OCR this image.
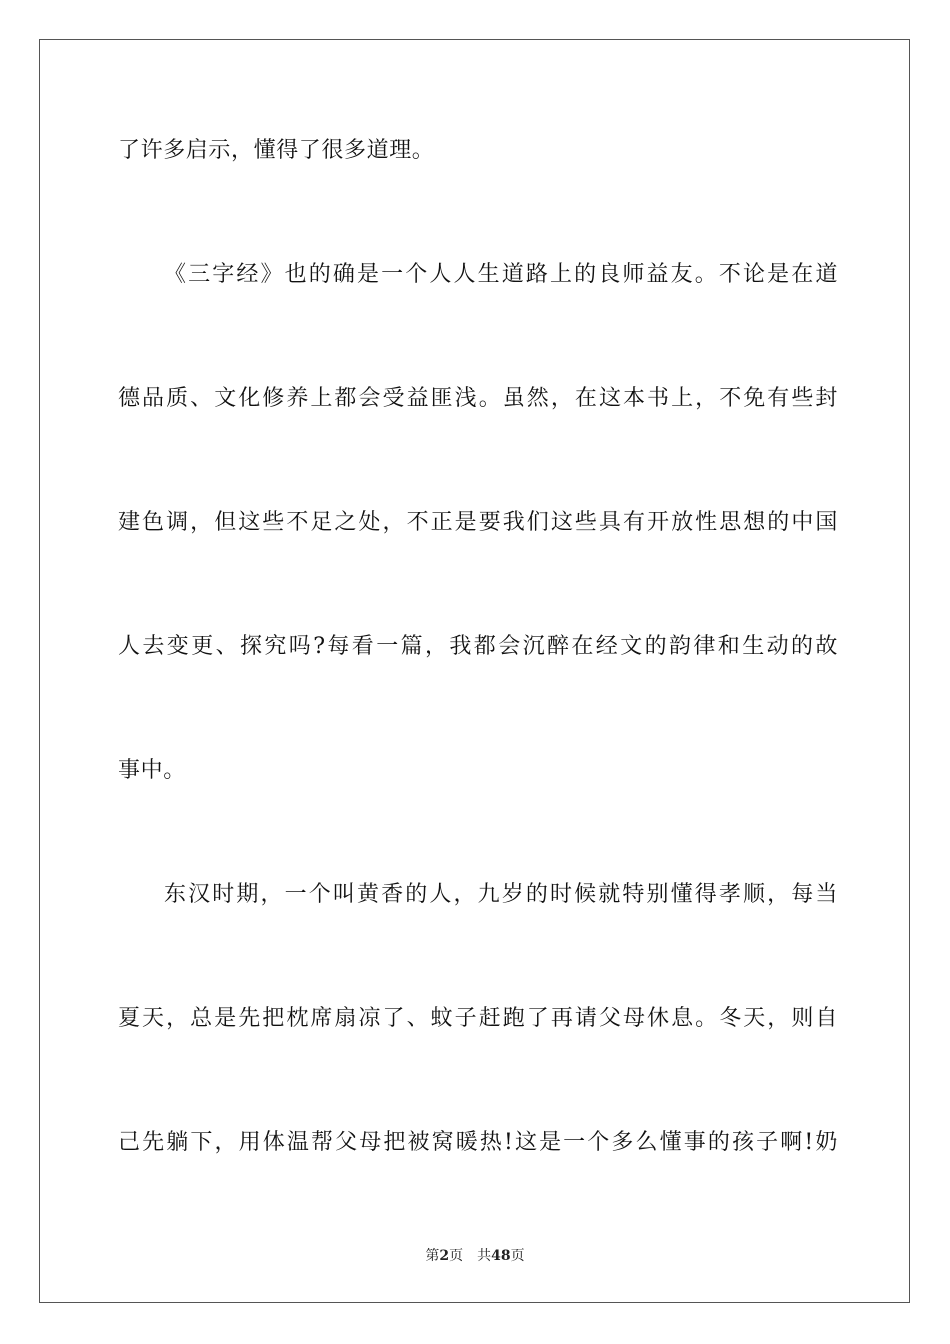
了许多启示，懂得了很多道理。
《三字经》也的确是一个人人生道路上的良师益友。不论是在道
德品质、文化修养上都会受益匪浅。虽然，在这本书上，不免有些封
建色调，但这些不足之处，不正是要我们这些具有开放性思想的中国
人去变更、探究吗?每看一篇，我都会沉醉在经文的韵律和生动的故
事中。
东汉时期，一个叫黄香的人，九岁的时候就特别懂得孝顺，每当
夏天，总是先把枕席扇凉了、蚊子赶跑了再请父母休息。冬天，则自
己先躺下，用体温帮父母把被窝暖热!这是一个多么懂事的孩子啊!奶
第2页 共48页
